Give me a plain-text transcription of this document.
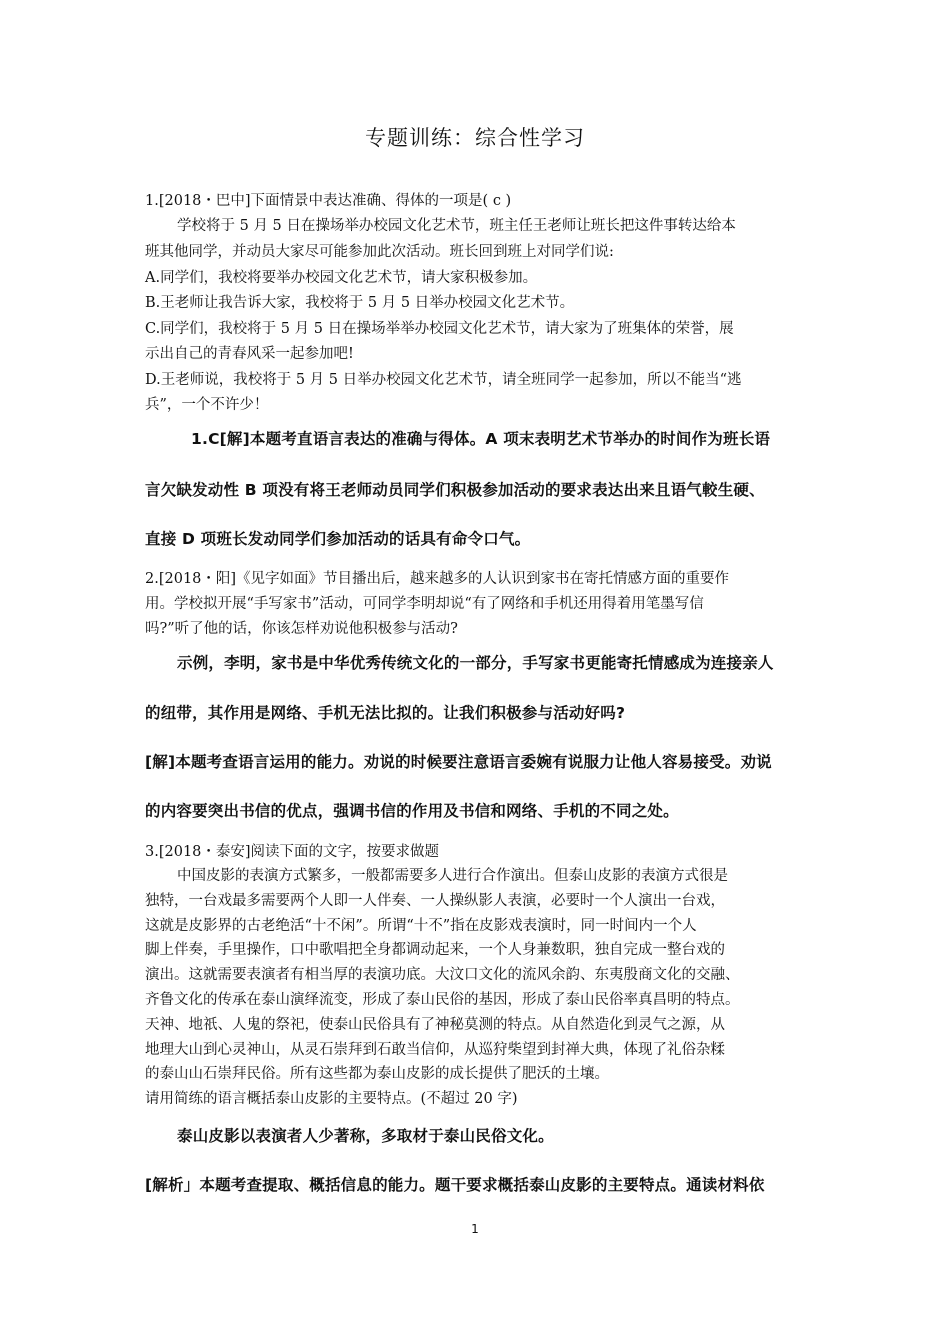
专题训练：综合性学习
1.[2018・巴中]下面情景中表达准确、得体的一项是( c )
学校将于 5 月 5 日在操场举办校园文化艺术节，班主任王老师让班长把这件事转达给本
班其他同学，并动员大家尽可能参加此次活动。班长回到班上对同学们说:
A.同学们，我校将要举办校园文化艺术节，请大家积极参加。
B.王老师让我告诉大家，我校将于 5 月 5 日举办校园文化艺术节。
C.同学们，我校将于 5 月 5 日在操场举举办校园文化艺术节，请大家为了班集体的荣誉，展
示出自己的青春风采一起参加吧!
D.王老师说，我校将于 5 月 5 日举办校园文化艺术节，请全班同学一起参加，所以不能当“逃
兵”，一个不许少！
1.C[解]本题考直语言表达的准确与得体。A 项末表明艺术节举办的时间作为班长语
言欠缺发动性 B 项没有将王老师动员同学们积极参加活动的要求表达出来且语气較生硬、
直接 D 项班长发动同学们参加活动的话具有命令口气。
2.[2018・阳]《见字如面》节目播出后，越来越多的人认识到家书在寄托情感方面的重要作
用。学校拟开展“手写家书”活动，可同学李明却说“有了网络和手机还用得着用笔墨写信
吗?”听了他的话，你该怎样劝说他积极参与活动?
示例，李明，家书是中华优秀传统文化的一部分，手写家书更能寄托情感成为连接亲人
的纽带，其作用是网络、手机无法比拟的。让我们积极参与活动好吗?
[解]本题考查语言运用的能力。劝说的时候要注意语言委婉有说服力让他人容易接受。劝说
的内容要突出书信的优点，强调书信的作用及书信和网络、手机的不同之处。
3.[2018・泰安]阅读下面的文字，按要求做题
中国皮影的表演方式繁多，一般都需要多人进行合作演出。但泰山皮影的表演方式很是
独特，一台戏最多需要两个人即一人伴奏、一人操纵影人表演，必要时一个人演出一台戏，
这就是皮影界的古老绝活“十不闲”。所谓“十不”指在皮影戏表演时，同一时间内一个人
脚上伴奏，手里操作，口中歌唱把全身都调动起来，一个人身兼数职，独自完成一整台戏的
演出。这就需要表演者有相当厚的表演功底。大汶口文化的流风余韵、东夷殷商文化的交融、
齐鲁文化的传承在泰山演绎流变，形成了泰山民俗的基因，形成了泰山民俗率真昌明的特点。
天神、地祇、人鬼的祭祀，使泰山民俗具有了神秘莫测的特点。从自然造化到灵气之源，从
地理大山到心灵神山，从灵石崇拜到石敢当信仰，从巡狩柴望到封禅大典，体现了礼俗杂糅
的泰山山石崇拜民俗。所有这些都为泰山皮影的成长提供了肥沃的土壤。
请用简练的语言概括泰山皮影的主要特点。(不超过 20 字)
泰山皮影以表演者人少著称，多取材于泰山民俗文化。
[解析」本题考查提取、概括信息的能力。题干要求概括泰山皮影的主要特点。通读材料依
1
